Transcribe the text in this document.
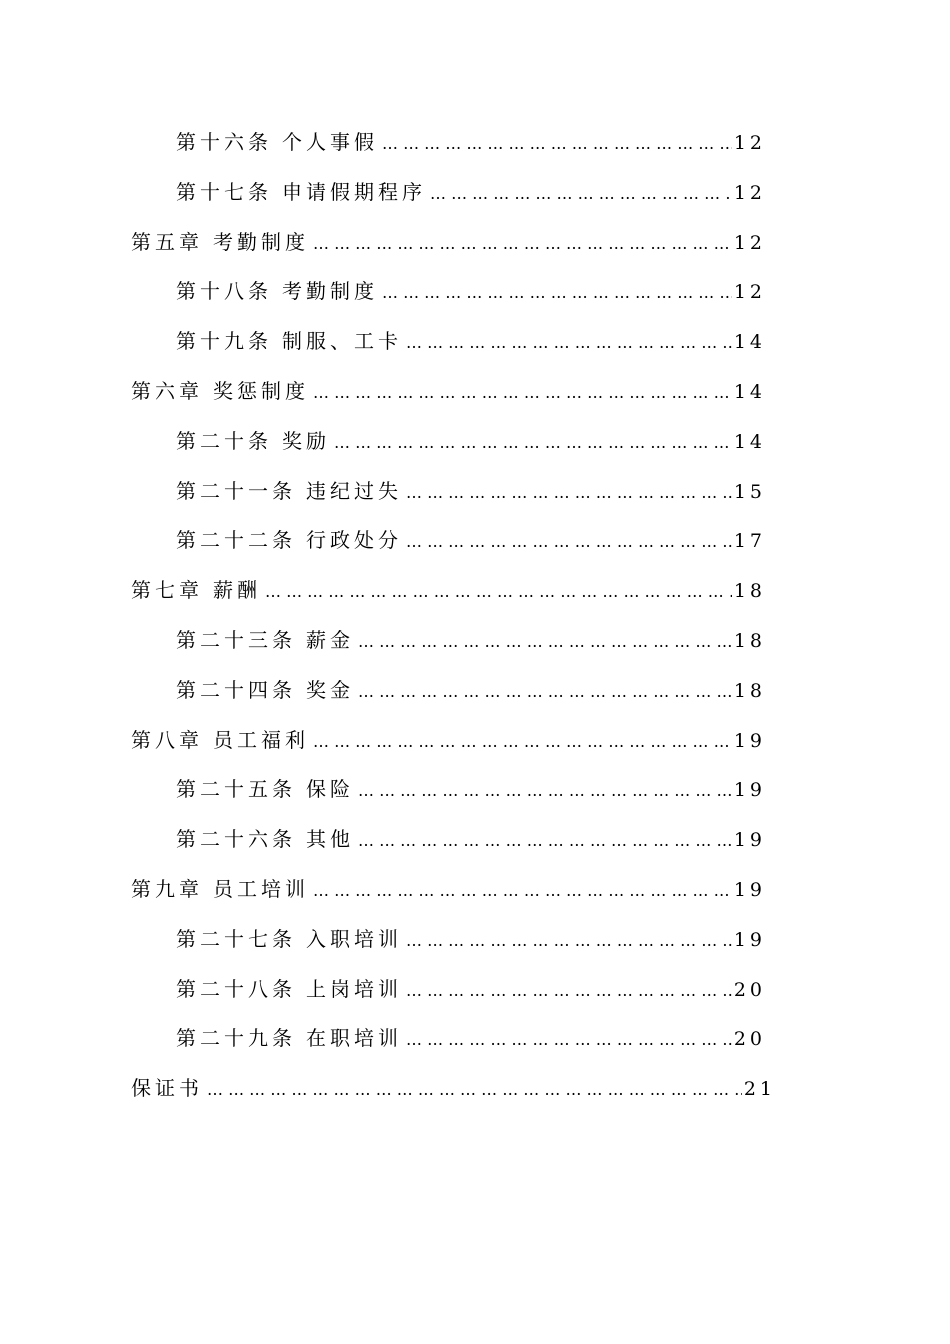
第十六条 个人事假 … … … … … … … … … … … … … … … … … … … … … … … … … … … … … … … … … … … … … … … … … … … … … … … … … …	12
第十七条 申请假期程序 … … … … … … … … … … … … … … … … … … … … … … … … … … … … … … … … … … … … … … … … … … … … … … … … … …	12
第五章 考勤制度 … … … … … … … … … … … … … … … … … … … … … … … … … … … … … … … … … … … … … … … … … … … … … … … … … …	12
第十八条 考勤制度 … … … … … … … … … … … … … … … … … … … … … … … … … … … … … … … … … … … … … … … … … … … … … … … … … …	12
第十九条 制服、工卡 … … … … … … … … … … … … … … … … … … … … … … … … … … … … … … … … … … … … … … … … … … … … … … … … … …	14
第六章 奖惩制度 … … … … … … … … … … … … … … … … … … … … … … … … … … … … … … … … … … … … … … … … … … … … … … … … … …	14
第二十条 奖励 … … … … … … … … … … … … … … … … … … … … … … … … … … … … … … … … … … … … … … … … … … … … … … … … … …	14
第二十一条 违纪过失 … … … … … … … … … … … … … … … … … … … … … … … … … … … … … … … … … … … … … … … … … … … … … … … … … …	15
第二十二条 行政处分 … … … … … … … … … … … … … … … … … … … … … … … … … … … … … … … … … … … … … … … … … … … … … … … … … …	17
第七章 薪酬 … … … … … … … … … … … … … … … … … … … … … … … … … … … … … … … … … … … … … … … … … … … … … … … … … …	18
第二十三条 薪金 … … … … … … … … … … … … … … … … … … … … … … … … … … … … … … … … … … … … … … … … … … … … … … … … … …	18
第二十四条 奖金 … … … … … … … … … … … … … … … … … … … … … … … … … … … … … … … … … … … … … … … … … … … … … … … … … …	18
第八章 员工福利 … … … … … … … … … … … … … … … … … … … … … … … … … … … … … … … … … … … … … … … … … … … … … … … … … …	19
第二十五条 保险 … … … … … … … … … … … … … … … … … … … … … … … … … … … … … … … … … … … … … … … … … … … … … … … … … …	19
第二十六条 其他 … … … … … … … … … … … … … … … … … … … … … … … … … … … … … … … … … … … … … … … … … … … … … … … … … …	19
第九章 员工培训 … … … … … … … … … … … … … … … … … … … … … … … … … … … … … … … … … … … … … … … … … … … … … … … … … …	19
第二十七条 入职培训 … … … … … … … … … … … … … … … … … … … … … … … … … … … … … … … … … … … … … … … … … … … … … … … … … …	19
第二十八条 上岗培训 … … … … … … … … … … … … … … … … … … … … … … … … … … … … … … … … … … … … … … … … … … … … … … … … … …	20
第二十九条 在职培训 … … … … … … … … … … … … … … … … … … … … … … … … … … … … … … … … … … … … … … … … … … … … … … … … … …	20
保证书 … … … … … … … … … … … … … … … … … … … … … … … … … … … … … … … … … … … … … … … … … … … … … … … … … …	21
